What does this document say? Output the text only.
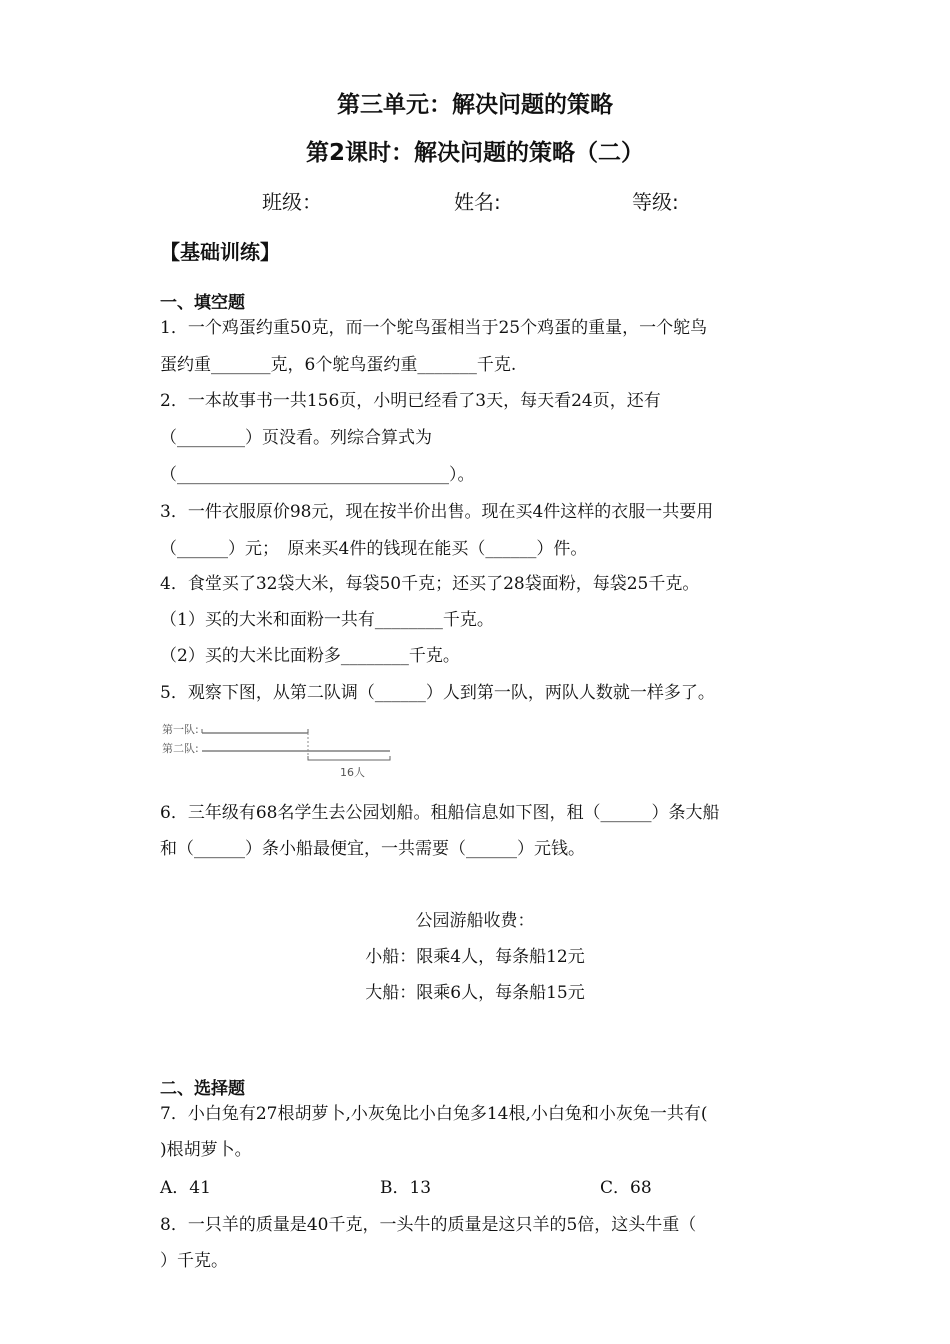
第三单元：解决问题的策略
第2课时：解决问题的策略（二）
班级：	姓名:	等级:
【基础训练】
一、填空题
1．一个鸡蛋约重50克，而一个鸵鸟蛋相当于25个鸡蛋的重量，一个鸵鸟
蛋约重_______克，6个鸵鸟蛋约重_______千克.
2．一本故事书一共156页，小明已经看了3天，每天看24页，还有
（________）页没看。列综合算式为
（________________________________）。
3．一件衣服原价98元，现在按半价出售。现在买4件这样的衣服一共要用
（______）元；　原来买4件的钱现在能买（______）件。
4．食堂买了32袋大米，每袋50千克；还买了28袋面粉，每袋25千克。
（1）买的大米和面粉一共有________千克。
（2）买的大米比面粉多________千克。
5．观察下图，从第二队调（______）人到第一队，两队人数就一样多了。
第一队:
第二队:
16人
6．三年级有68名学生去公园划船。租船信息如下图，租（______）条大船
和（______）条小船最便宜，一共需要（______）元钱。
公园游船收费：
小船：限乘4人，每条船12元
大船：限乘6人，每条船15元
二、选择题
7．小白兔有27根胡萝卜,小灰兔比小白兔多14根,小白兔和小灰兔一共有(
)根胡萝卜。
A．41	B．13	C．68
8．一只羊的质量是40千克，一头牛的质量是这只羊的5倍，这头牛重（
）千克。
